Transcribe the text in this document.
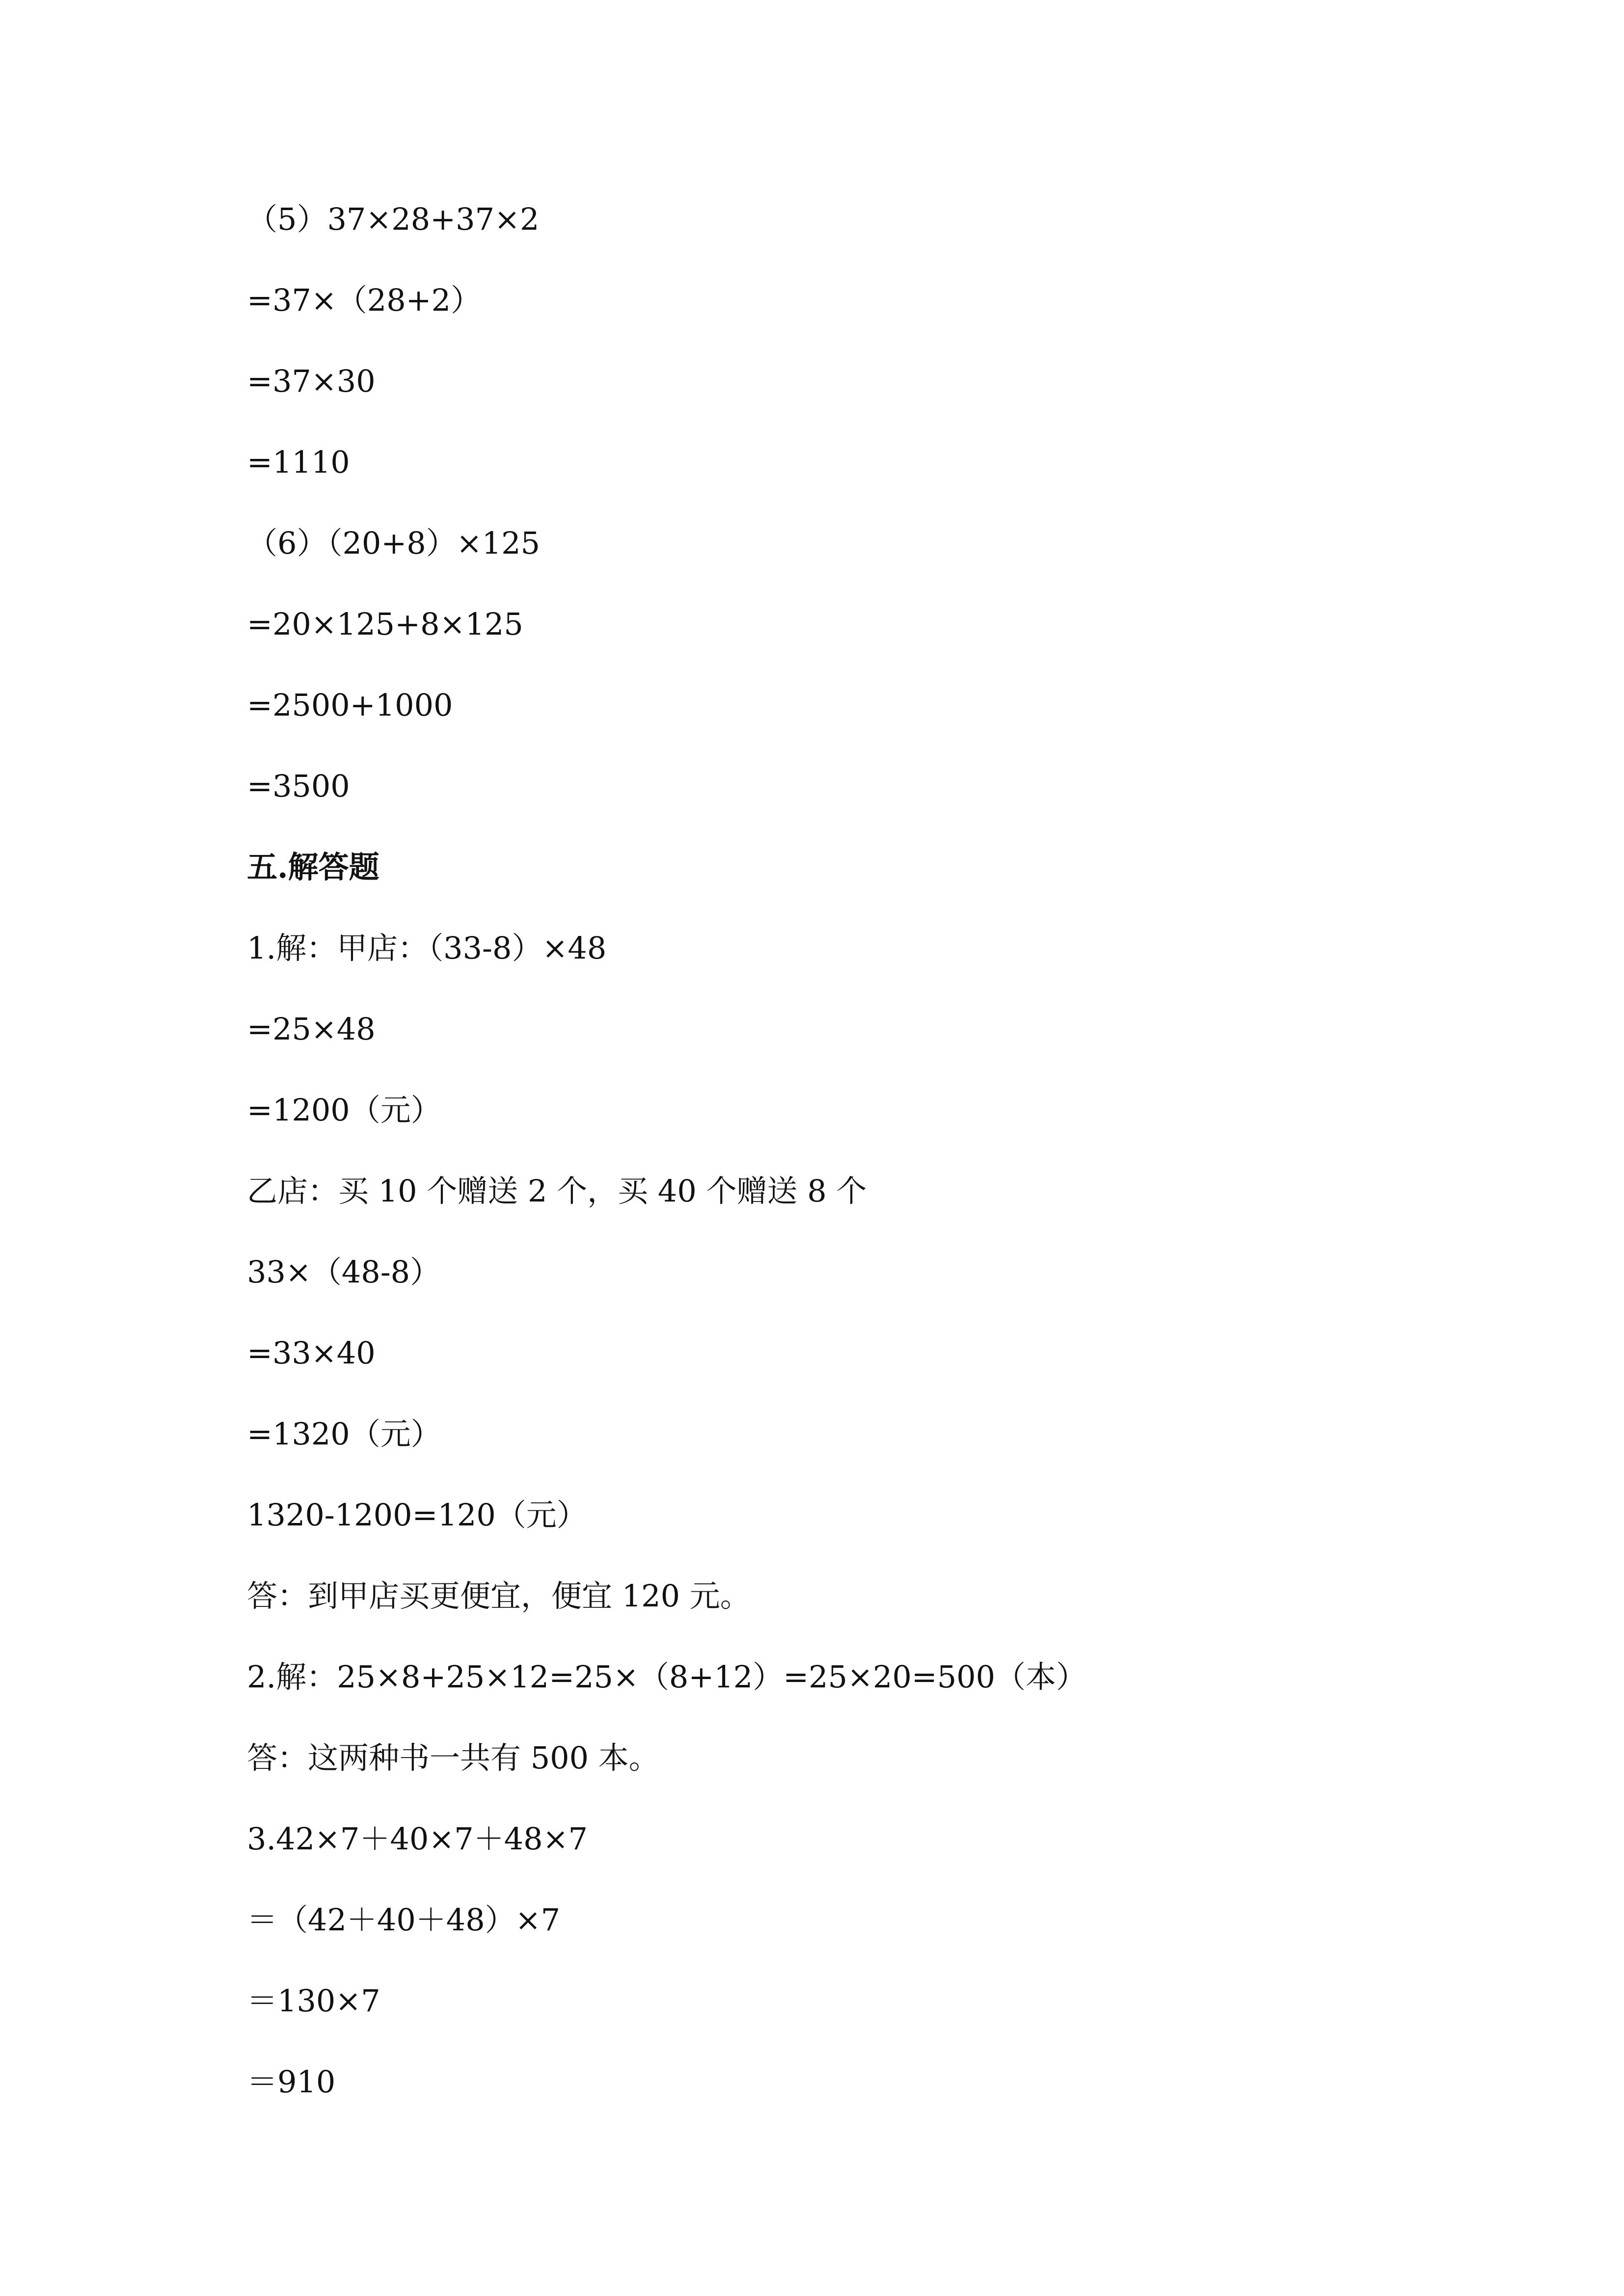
（5）37×28+37×2

=37×（28+2）

=37×30

=1110

（6）（20+8）×125

=20×125+8×125

=2500+1000

=3500

五.解答题

1.解：甲店：（33-8）×48

=25×48

=1200（元）

乙店：买 10 个赠送 2 个，买 40 个赠送 8 个

33×（48-8）

=33×40

=1320（元）

1320-1200=120（元）

答：到甲店买更便宜，便宜 120 元。

2.解：25×8+25×12=25×（8+12）=25×20=500（本）

答：这两种书一共有 500 本。

3.42×7＋40×7＋48×7

＝（42＋40＋48）×7

＝130×7

＝910
